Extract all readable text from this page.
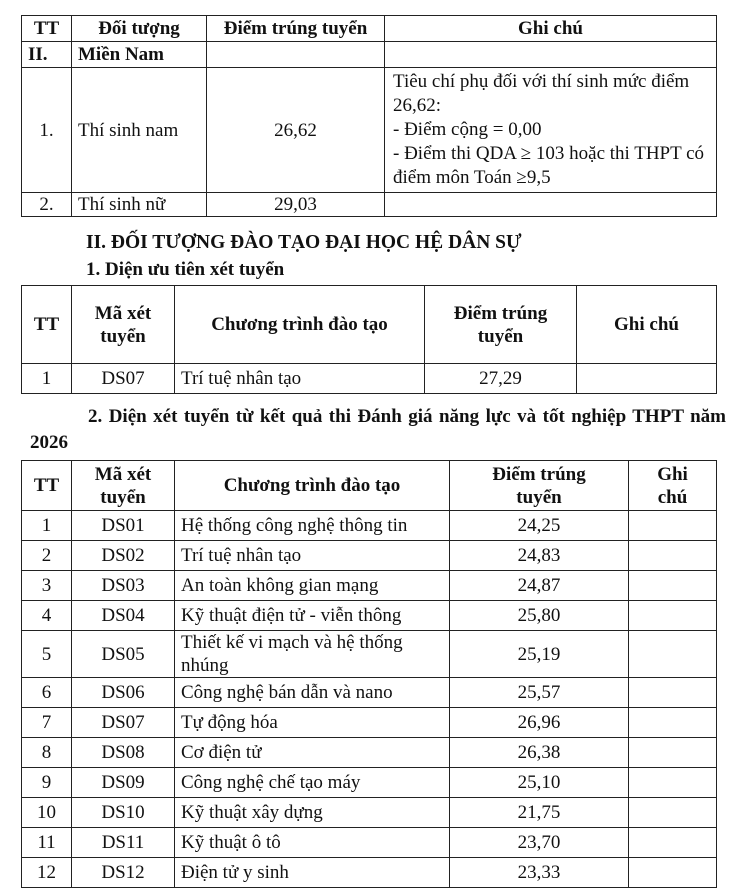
TT	Đối tượng	Điểm trúng tuyển	Ghi chú
II.	Miền Nam		
1.	Thí sinh nam	26,62	Tiêu chí phụ đối với thí sinh mức điểm 26,62:
- Điểm cộng = 0,00
- Điểm thi QDA ≥ 103 hoặc thi THPT có điểm môn Toán ≥9,5

2.	Thí sinh nữ	29,03	
II. ĐỐI TƯỢNG ĐÀO TẠO ĐẠI HỌC HỆ DÂN SỰ
1. Diện ưu tiên xét tuyển
TT	Mã xét tuyển	Chương trình đào tạo	Điểm trúng tuyển	Ghi chú
1	DS07	Trí tuệ nhân tạo	27,29	
2. Diện xét tuyển từ kết quả thi Đánh giá năng lực và tốt nghiệp THPT năm 2026
TT	Mã xét tuyển	Chương trình đào tạo	Điểm trúng tuyển	Ghi chú
1	DS01	Hệ thống công nghệ thông tin	24,25	
2	DS02	Trí tuệ nhân tạo	24,83	
3	DS03	An toàn không gian mạng	24,87	
4	DS04	Kỹ thuật điện tử - viễn thông	25,80	
5	DS05	Thiết kế vi mạch và hệ thống nhúng	25,19	
6	DS06	Công nghệ bán dẫn và nano	25,57	
7	DS07	Tự động hóa	26,96	
8	DS08	Cơ điện tử	26,38	
9	DS09	Công nghệ chế tạo máy	25,10	
10	DS10	Kỹ thuật xây dựng	21,75	
11	DS11	Kỹ thuật ô tô	23,70	
12	DS12	Điện tử y sinh	23,33	
